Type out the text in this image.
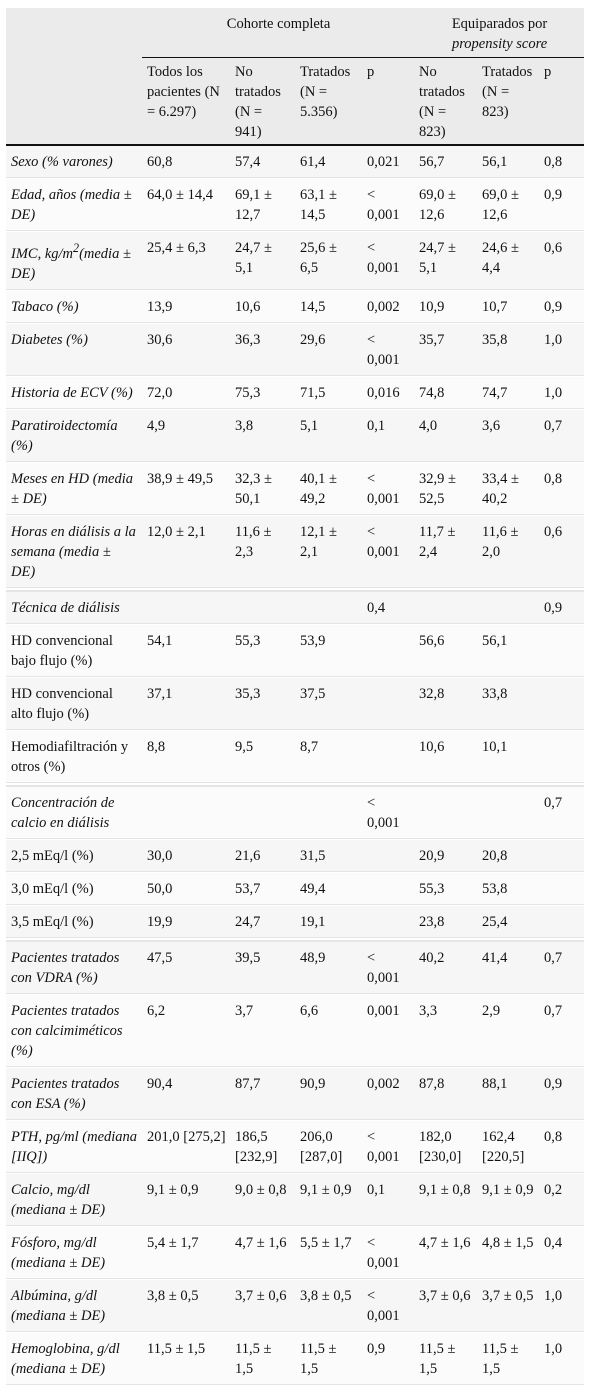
	Cohorte completa				Equiparados por
propensity score		

	Todos los pacientes (N = 6.297)	No tratados (N = 941)	Tratados (N = 5.356)	p	No tratados (N = 823)	Tratados (N = 823)	p
Sexo (% varones)	60,8	57,4	61,4	0,021	56,7	56,1	0,8
Edad, años (media ± DE)	64,0 ± 14,4	69,1 ± 12,7	63,1 ± 14,5	< 0,001	69,0 ± 12,6	69,0 ± 12,6	0,9
IMC, $kg/m^2(media \pm DE)$	25,4 ± 6,3	24,7 ± 5,1	25,6 ± 6,5	< 0,001	24,7 ± 5,1	24,6 ± 4,4	0,6
Tabaco (%)	13,9	10,6	14,5	0,002	10,9	10,7	0,9
Diabetes (%)	30,6	36,3	29,6	< 0,001	35,7	35,8	1,0
Historia de ECV (%)	72,0	75,3	71,5	0,016	74,8	74,7	1,0
Paratiroidectomía (%)	4,9	3,8	5,1	0,1	4,0	3,6	0,7
Meses en HD (media ± DE)	38,9 ± 49,5	32,3 ± 50,1	40,1 ± 49,2	< 0,001	32,9 ± 52,5	33,4 ± 40,2	0,8
Horas en diálisis a la semana (media ± DE)	12,0 ± 2,1	11,6 ± 2,3	12,1 ± 2,1	< 0,001	11,7 ± 2,4	11,6 ± 2,0	0,6

Técnica de diálisis				0,4			0,9
HD convencional bajo flujo (%)	54,1	55,3	53,9		56,6	56,1	
HD convencional alto flujo (%)	37,1	35,3	37,5		32,8	33,8	
Hemodiafiltración y otros (%)	8,8	9,5	8,7		10,6	10,1	

Concentración de calcio en diálisis				< 0,001			0,7
2,5 mEq/l (%)	30,0	21,6	31,5		20,9	20,8	
3,0 mEq/l (%)	50,0	53,7	49,4		55,3	53,8	
3,5 mEq/l (%)	19,9	24,7	19,1		23,8	25,4	

Pacientes tratados con VDRA (%)	47,5	39,5	48,9	< 0,001	40,2	41,4	0,7
Pacientes tratados con calcimiméticos (%)	6,2	3,7	6,6	0,001	3,3	2,9	0,7
Pacientes tratados con ESA (%)	90,4	87,7	90,9	0,002	87,8	88,1	0,9
PTH, pg/ml (mediana [IIQ])	201,0 [275,2]	186,5 [232,9]	206,0 [287,0]	< 0,001	182,0 [230,0]	162,4 [220,5]	0,8
Calcio, mg/dl (mediana ± DE)	9,1 ± 0,9	9,0 ± 0,8	9,1 ± 0,9	0,1	9,1 ± 0,8	9,1 ± 0,9	0,2
Fósforo, mg/dl (mediana ± DE)	5,4 ± 1,7	4,7 ± 1,6	5,5 ± 1,7	< 0,001	4,7 ± 1,6	4,8 ± 1,5	0,4
Albúmina, g/dl (mediana ± DE)	3,8 ± 0,5	3,7 ± 0,6	3,8 ± 0,5	< 0,001	3,7 ± 0,6	3,7 ± 0,5	1,0
Hemoglobina, g/dl (mediana ± DE)	11,5 ± 1,5	11,5 ± 1,5	11,5 ± 1,5	0,9	11,5 ± 1,5	11,5 ± 1,5	1,0
